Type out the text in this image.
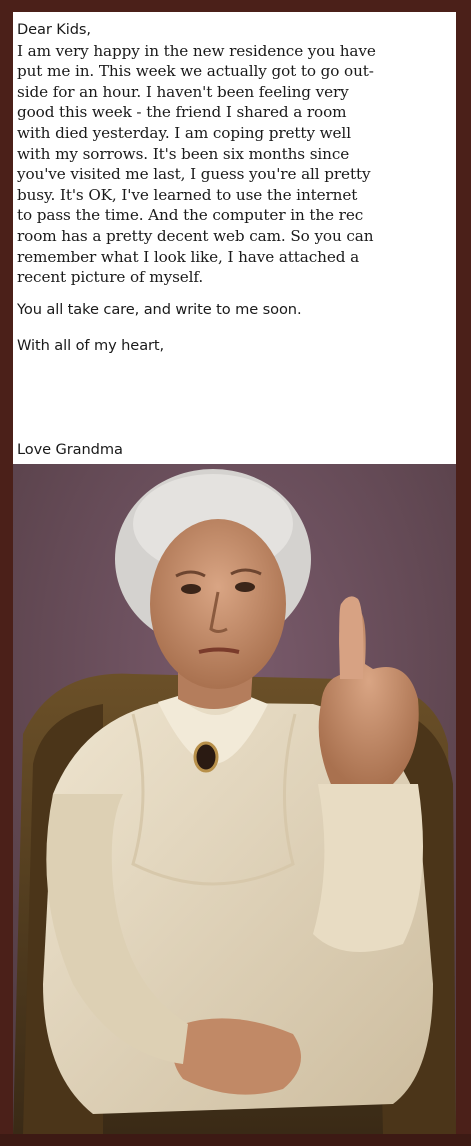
Dear Kids,

I am very happy in the new residence you have

put me in. This week we actually got to go out-

side for an hour. I haven't been feeling very

good this week - the friend I shared a room

with died yesterday. I am coping pretty well

with my sorrows. It's been six months since

you've visited me last, I guess you're all pretty

busy. It's OK, I've learned to use the internet

to pass the time. And the computer in the rec

room has a pretty decent web cam. So you can

remember what I look like, I have attached a

recent picture of myself.

You all take care, and write to me soon.

With all of my heart,

Love Grandma
